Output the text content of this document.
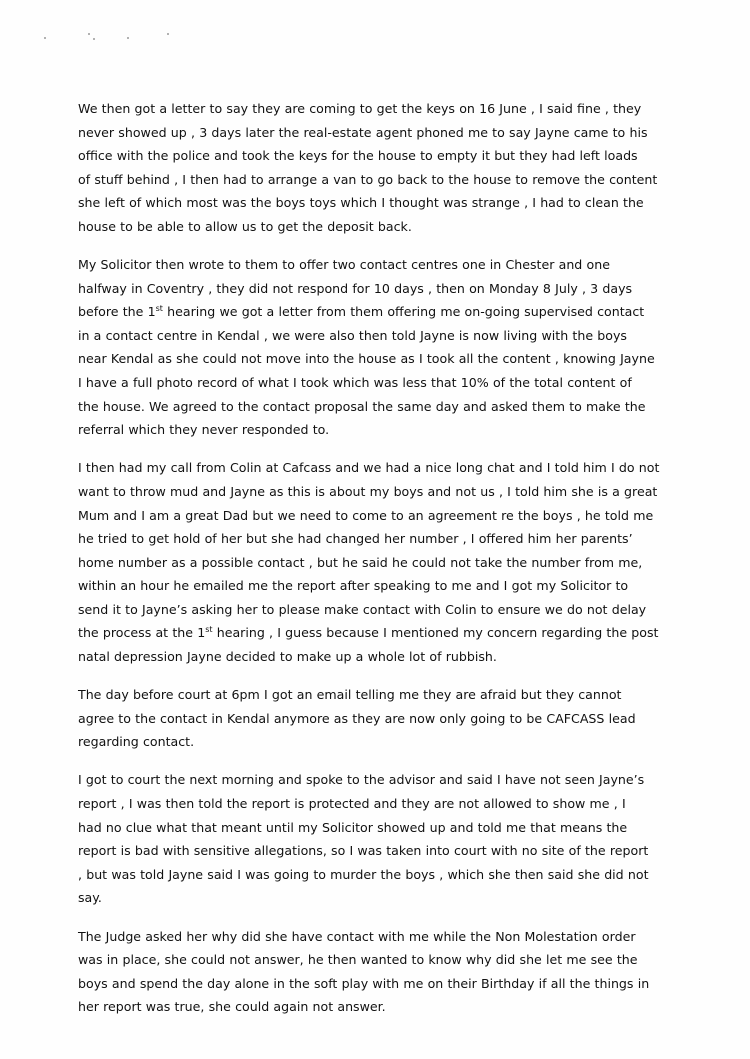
We then got a letter to say they are coming to get the keys on 16 June , I said fine , they
never showed up , 3 days later the real-estate agent phoned me to say Jayne came to his
office with the police and took the keys for the house to empty it but they had left loads
of stuff behind , I then had to arrange a van to go back to the house to remove the content
she left of which most was the boys toys which I thought was strange , I had to clean the
house to be able to allow us to get the deposit back.

My Solicitor then wrote to them to offer two contact centres one in Chester and one
halfway in Coventry , they did not respond for 10 days , then on Monday 8 July , 3 days
before the 1st hearing we got a letter from them offering me on-going supervised contact
in a contact centre in Kendal , we were also then told Jayne is now living with the boys
near Kendal as she could not move into the house as I took all the content , knowing Jayne
I have a full photo record of what I took which was less that 10% of the total content of
the house. We agreed to the contact proposal the same day and asked them to make the
referral which they never responded to.

I then had my call from Colin at Cafcass and we had a nice long chat and I told him I do not
want to throw mud and Jayne as this is about my boys and not us , I told him she is a great
Mum and I am a great Dad but we need to come to an agreement re the boys , he told me
he tried to get hold of her but she had changed her number , I offered him her parents’
home number as a possible contact , but he said he could not take the number from me,
within an hour he emailed me the report after speaking to me and I got my Solicitor to
send it to Jayne’s asking her to please make contact with Colin to ensure we do not delay
the process at the 1st hearing , I guess because I mentioned my concern regarding the post
natal depression Jayne decided to make up a whole lot of rubbish.

The day before court at 6pm I got an email telling me they are afraid but they cannot
agree to the contact in Kendal anymore as they are now only going to be CAFCASS lead
regarding contact.

I got to court the next morning and spoke to the advisor and said I have not seen Jayne’s
report , I was then told the report is protected and they are not allowed to show me , I
had no clue what that meant until my Solicitor showed up and told me that means the
report is bad with sensitive allegations, so I was taken into court with no site of the report
, but was told Jayne said I was going to murder the boys , which she then said she did not
say.

The Judge asked her why did she have contact with me while the Non Molestation order
was in place, she could not answer, he then wanted to know why did she let me see the
boys and spend the day alone in the soft play with me on their Birthday if all the things in
her report was true, she could again not answer.
